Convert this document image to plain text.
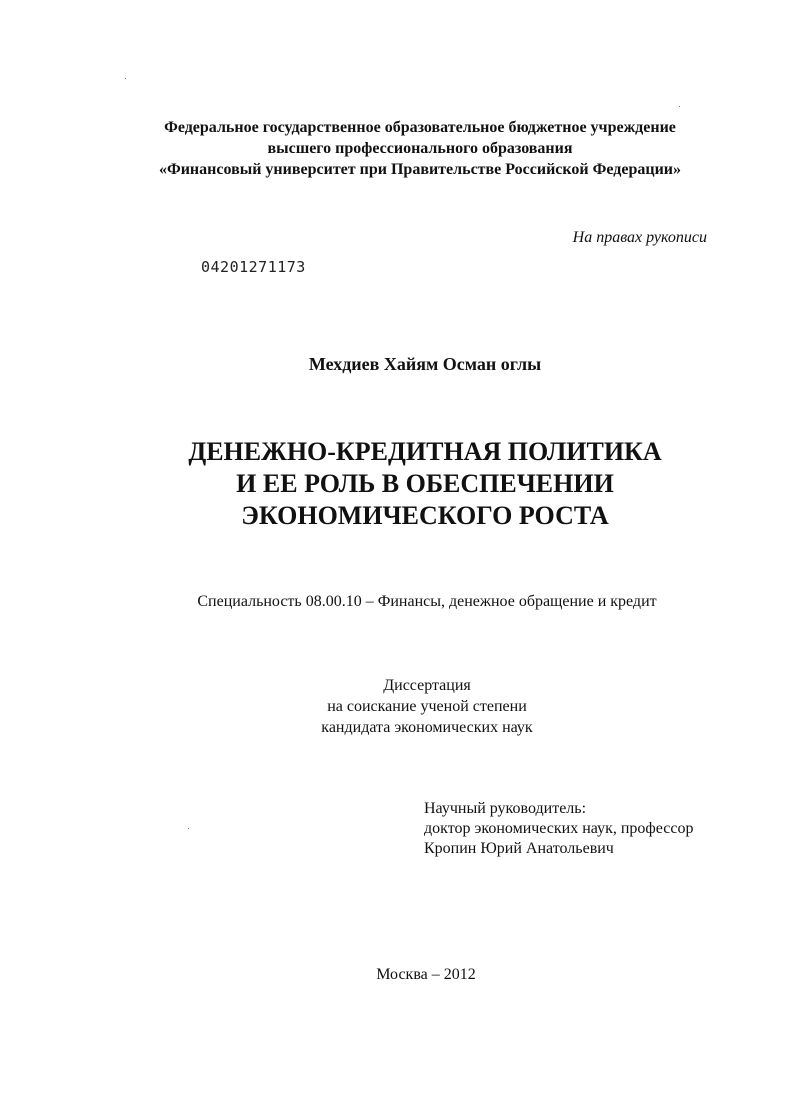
Федеральное государственное образовательное бюджетное учреждение
высшего профессионального образования
«Финансовый университет при Правительстве Российской Федерации»
На правах рукописи
04201271173
Мехдиев Хайям Осман оглы
ДЕНЕЖНО-КРЕДИТНАЯ ПОЛИТИКА
И ЕЕ РОЛЬ В ОБЕСПЕЧЕНИИ
ЭКОНОМИЧЕСКОГО РОСТА
Специальность 08.00.10 – Финансы, денежное обращение и кредит
Диссертация
на соискание ученой степени
кандидата экономических наук
Научный руководитель:
доктор экономических наук, профессор
Кропин Юрий Анатольевич
Москва – 2012
